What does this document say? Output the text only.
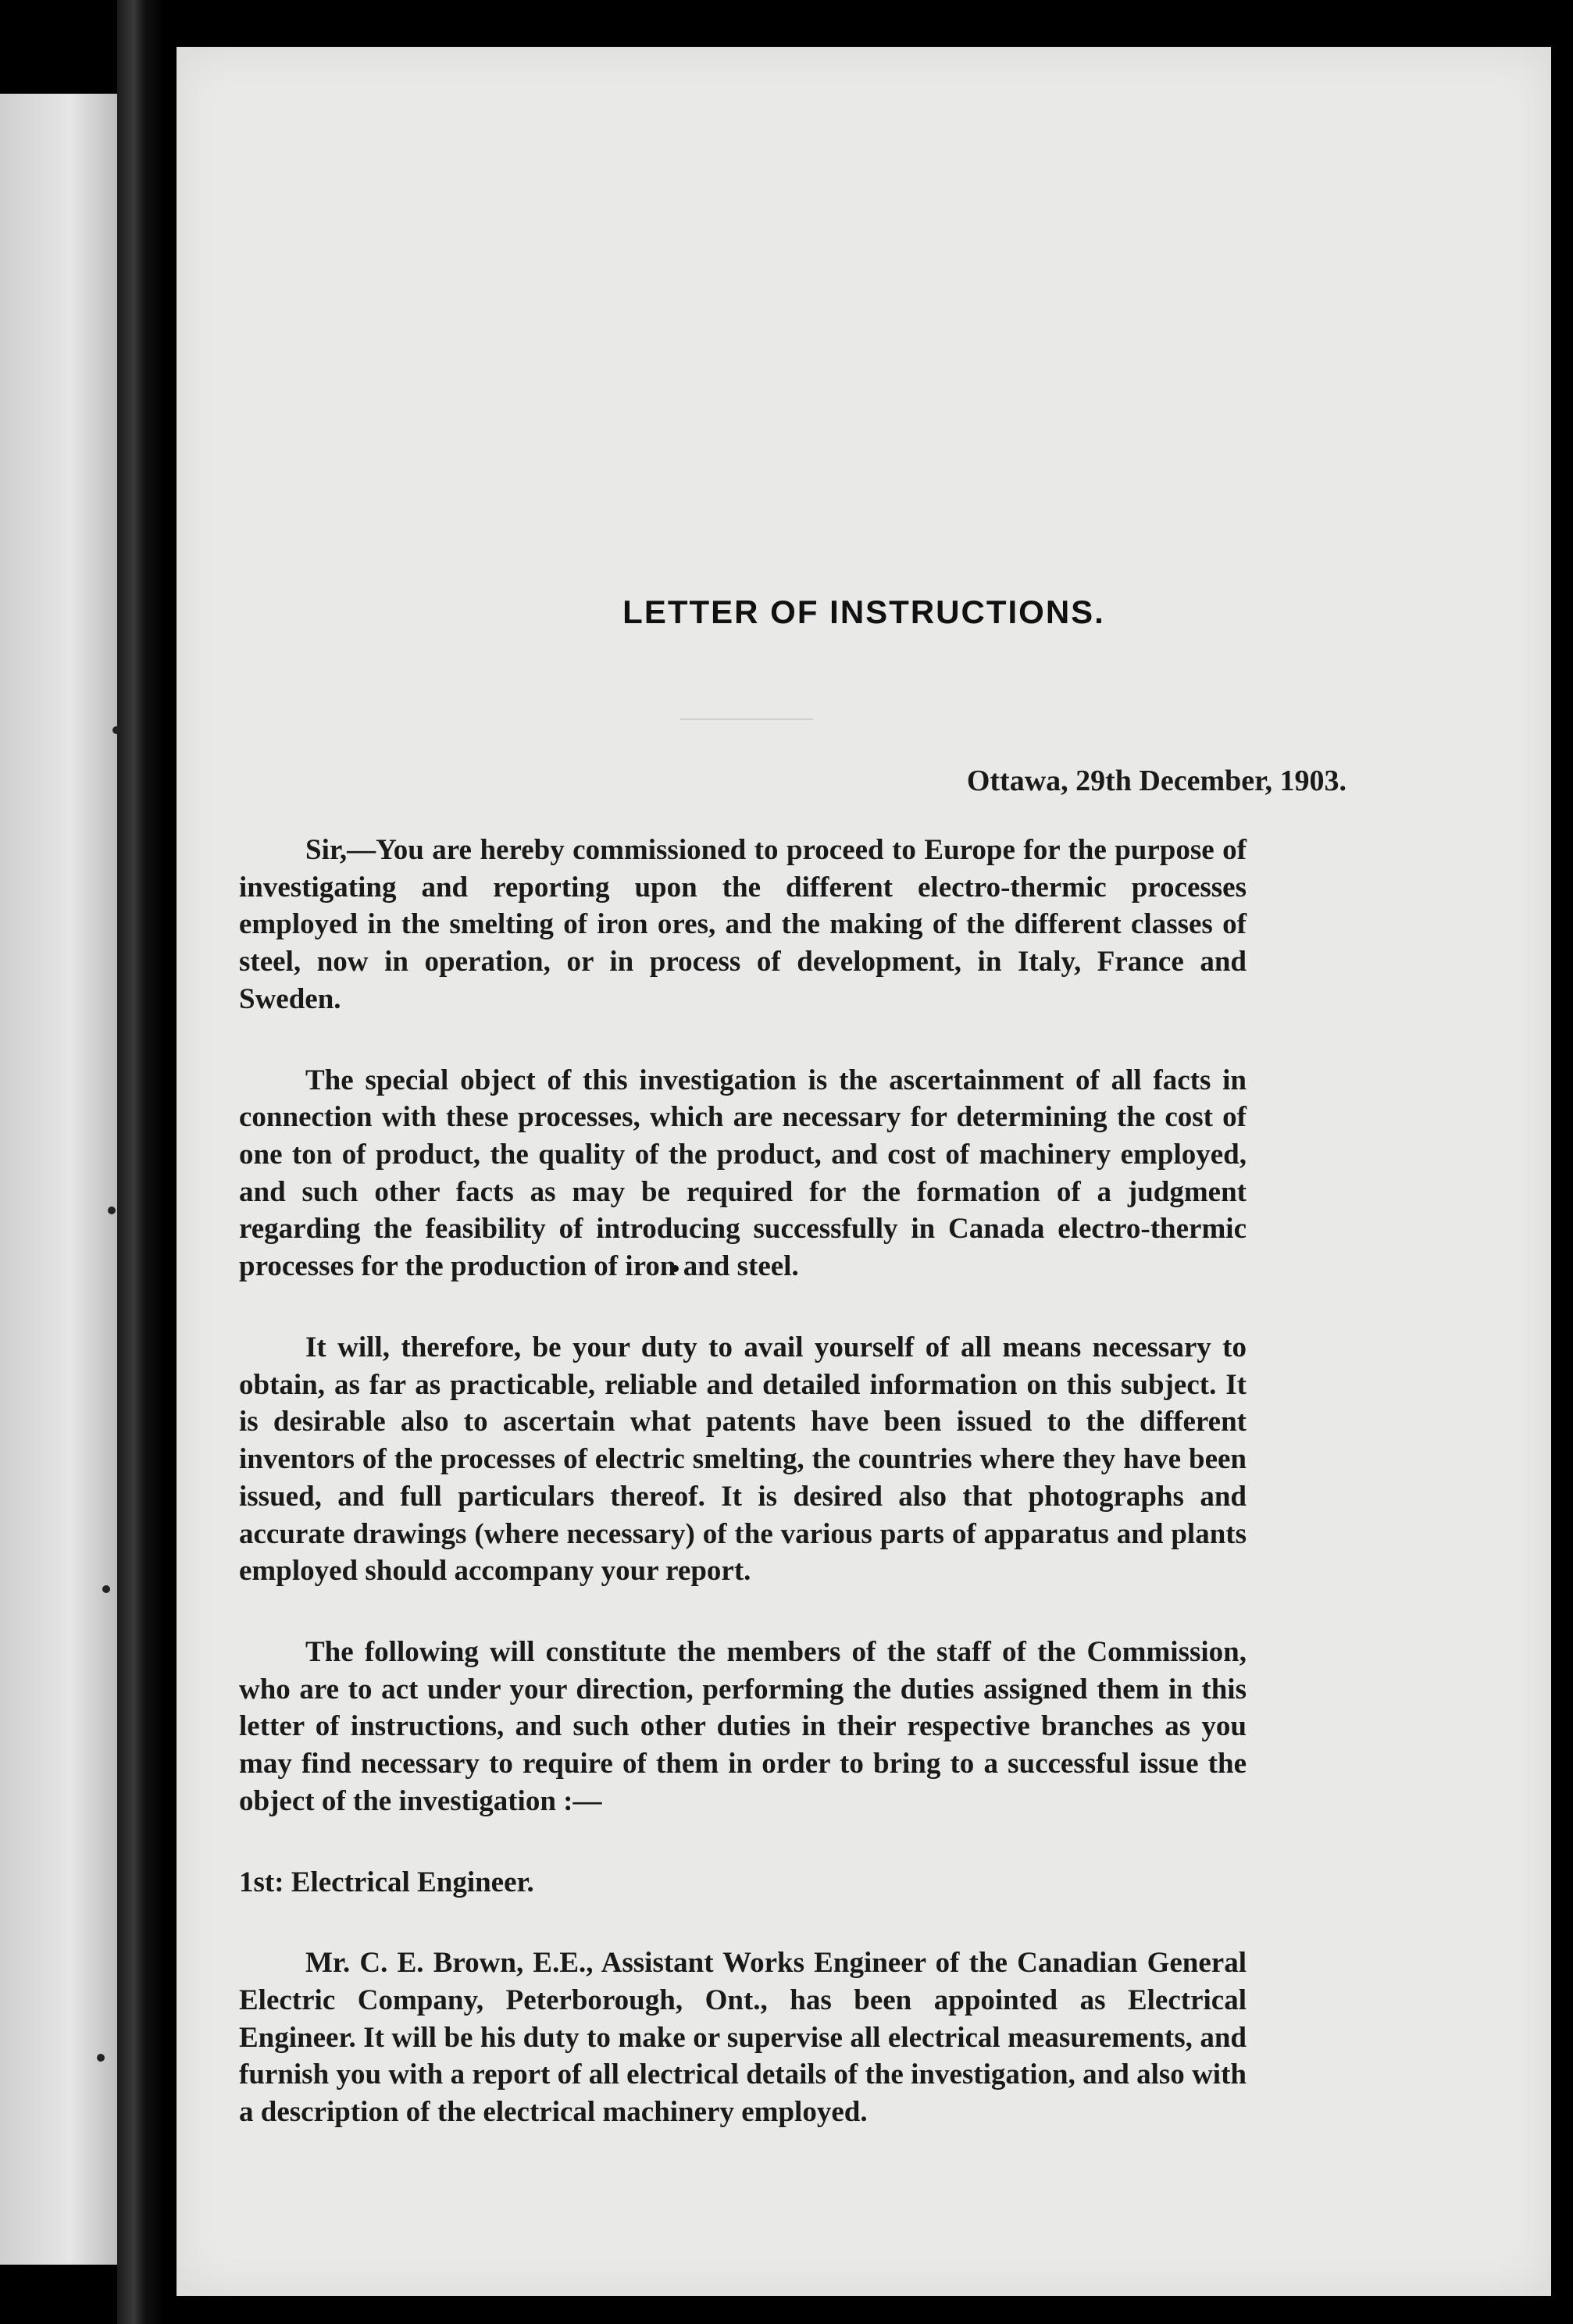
LETTER OF INSTRUCTIONS.
Ottawa, 29th December, 1903.

Sir,—You are hereby commissioned to proceed to Europe for the purpose of investigating and reporting upon the different electro-thermic processes employed in the smelting of iron ores, and the making of the different classes of steel, now in operation, or in process of development, in Italy, France and Sweden.

The special object of this investigation is the ascertainment of all facts in connection with these processes, which are necessary for determining the cost of one ton of product, the quality of the product, and cost of machinery employed, and such other facts as may be required for the formation of a judgment regarding the feasibility of introducing successfully in Canada electro-thermic processes for the production of iron and steel.

It will, therefore, be your duty to avail yourself of all means necessary to obtain, as far as practicable, reliable and detailed information on this subject. It is desirable also to ascertain what patents have been issued to the different inventors of the processes of electric smelting, the countries where they have been issued, and full particulars thereof. It is desired also that photographs and accurate drawings (where necessary) of the various parts of apparatus and plants employed should accompany your report.

The following will constitute the members of the staff of the Commission, who are to act under your direction, performing the duties assigned them in this letter of instructions, and such other duties in their respective branches as you may find necessary to require of them in order to bring to a successful issue the object of the investigation :—

1st: Electrical Engineer.

Mr. C. E. Brown, E.E., Assistant Works Engineer of the Canadian General Electric Company, Peterborough, Ont., has been appointed as Electrical Engineer. It will be his duty to make or supervise all electrical measurements, and furnish you with a report of all electrical details of the investigation, and also with a description of the electrical machinery employed.
